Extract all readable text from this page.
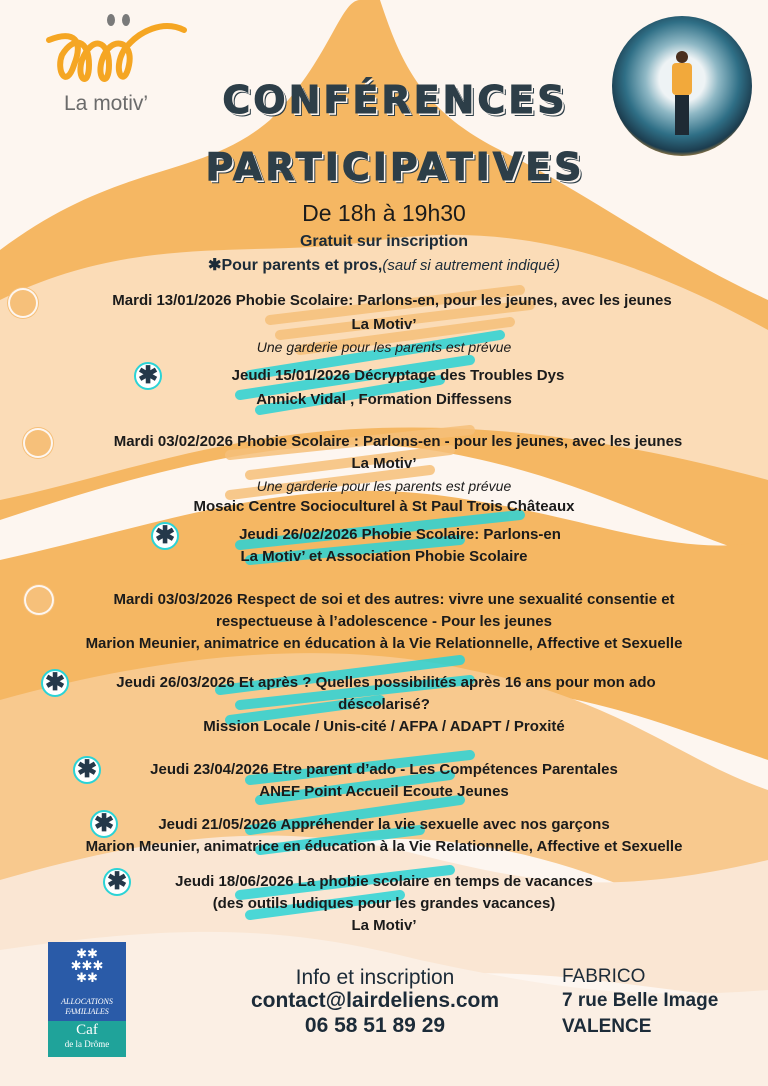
La motiv’	CONFÉRENCES
PARTICIPATIVES
De 18h à 19h30
Gratuit sur inscription
✱Pour parents et pros,(sauf si autrement indiqué)
Mardi 13/01/2026 Phobie Scolaire: Parlons-en, pour les jeunes, avec les jeunes
La Motiv’
Une garderie pour les parents est prévue
✱	Jeudi 15/01/2026 Décryptage des Troubles Dys
Annick Vidal , Formation Diffessens
Mardi 03/02/2026 Phobie Scolaire : Parlons-en - pour les jeunes, avec les jeunes
La Motiv’
Une garderie pour les parents est prévue
Mosaic Centre Socioculturel à St Paul Trois Châteaux
✱	Jeudi 26/02/2026 Phobie Scolaire: Parlons-en
La Motiv’ et Association Phobie Scolaire
Mardi 03/03/2026 Respect de soi et des autres: vivre une sexualité consentie et
respectueuse à l’adolescence - Pour les jeunes
Marion Meunier, animatrice en éducation à la Vie Relationnelle, Affective et Sexuelle
✱	Jeudi 26/03/2026 Et après ? Quelles possibilités après 16 ans pour mon ado
déscolarisé?
Mission Locale / Unis-cité / AFPA / ADAPT / Proxité
✱	Jeudi 23/04/2026 Etre parent d’ado - Les Compétences Parentales
ANEF Point Accueil Ecoute Jeunes
✱	Jeudi 21/05/2026 Appréhender la vie sexuelle avec nos garçons
Marion Meunier, animatrice en éducation à la Vie Relationnelle, Affective et Sexuelle
✱	Jeudi 18/06/2026 La phobie scolaire en temps de vacances
(des outils ludiques pour les grandes vacances)
La Motiv’
✱✱
✱✱✱
✱✱
ALLOCATIONS
FAMILIALES
Caf
de la Drôme
Info et inscription
contact@lairdeliens.com
06 58 51 89 29
FABRICO
7 rue Belle Image
VALENCE
